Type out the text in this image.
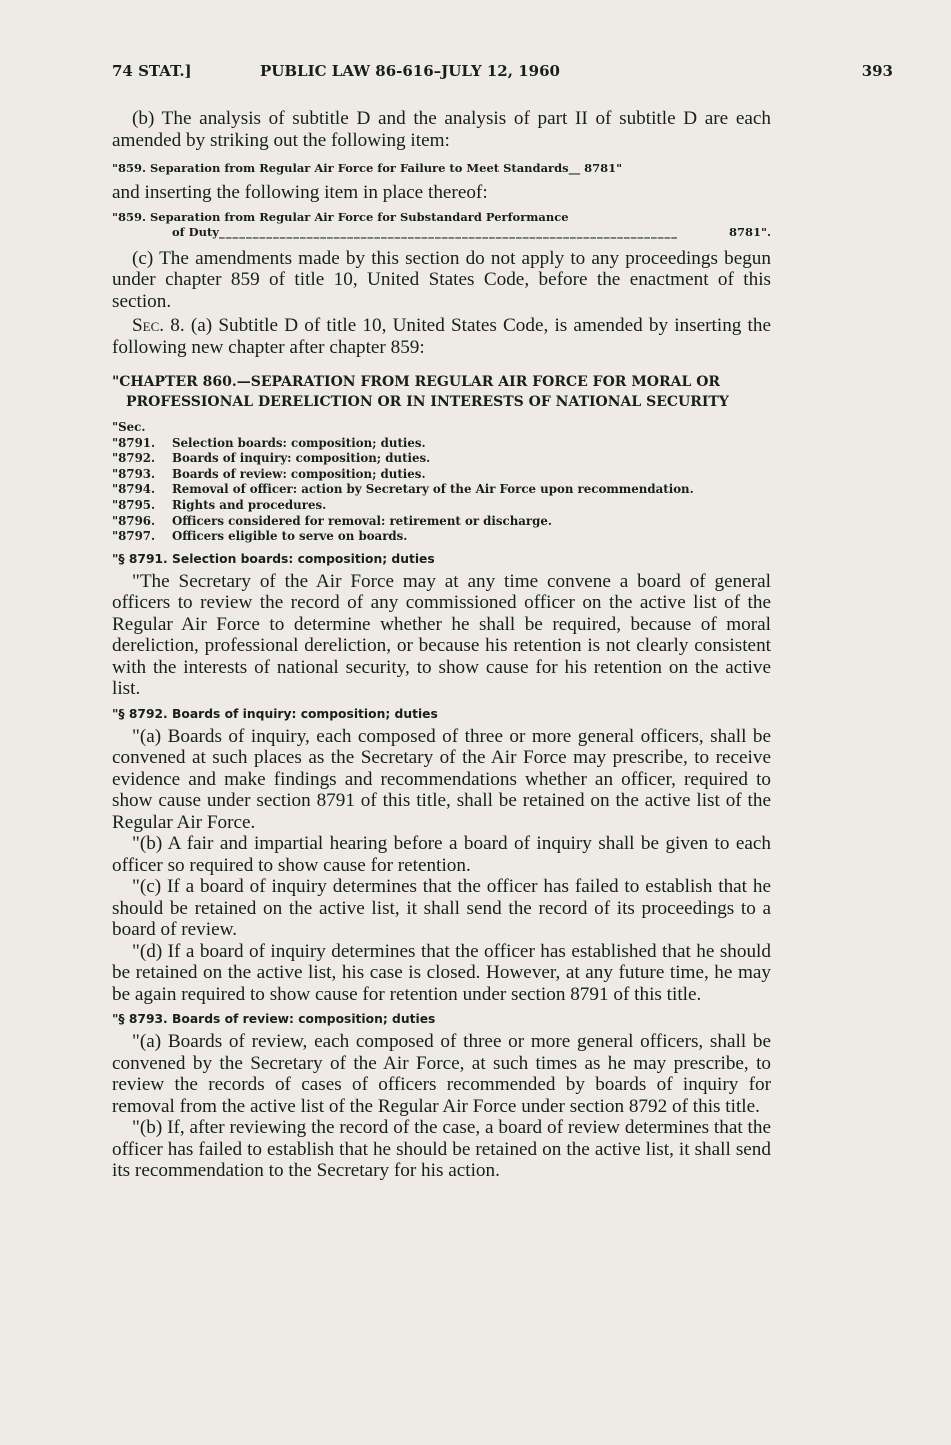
74 STAT.]	PUBLIC LAW 86-616–JULY 12, 1960	393

(b) The analysis of subtitle D and the analysis of part II of subtitle D are each amended by striking out the following item:

"859. Separation from Regular Air Force for Failure to Meet Standards__ 8781"

and inserting the following item in place thereof:

"859. Separation from Regular Air Force for Substandard Performance
of Duty ____________________________________________________________________	8781".

(c) The amendments made by this section do not apply to any proceedings begun under chapter 859 of title 10, United States Code, before the enactment of this section.

Sec. 8. (a) Subtitle D of title 10, United States Code, is amended by inserting the following new chapter after chapter 859:

"CHAPTER 860.—SEPARATION FROM REGULAR AIR FORCE FOR MORAL OR PROFESSIONAL DERELICTION OR IN INTERESTS OF NATIONAL SECURITY
"Sec.
"8791.	Selection boards: composition; duties.
"8792.	Boards of inquiry: composition; duties.
"8793.	Boards of review: composition; duties.
"8794.	Removal of officer: action by Secretary of the Air Force upon recommendation.
"8795.	Rights and procedures.
"8796.	Officers considered for removal: retirement or discharge.
"8797.	Officers eligible to serve on boards.
"§ 8791. Selection boards: composition; duties

"The Secretary of the Air Force may at any time convene a board of general officers to review the record of any commissioned officer on the active list of the Regular Air Force to determine whether he shall be required, because of moral dereliction, professional dereliction, or because his retention is not clearly consistent with the interests of national security, to show cause for his retention on the active list.

"§ 8792. Boards of inquiry: composition; duties

"(a) Boards of inquiry, each composed of three or more general officers, shall be convened at such places as the Secretary of the Air Force may prescribe, to receive evidence and make findings and recommendations whether an officer, required to show cause under section 8791 of this title, shall be retained on the active list of the Regular Air Force.

"(b) A fair and impartial hearing before a board of inquiry shall be given to each officer so required to show cause for retention.

"(c) If a board of inquiry determines that the officer has failed to establish that he should be retained on the active list, it shall send the record of its proceedings to a board of review.

"(d) If a board of inquiry determines that the officer has established that he should be retained on the active list, his case is closed. However, at any future time, he may be again required to show cause for retention under section 8791 of this title.

"§ 8793. Boards of review: composition; duties

"(a) Boards of review, each composed of three or more general officers, shall be convened by the Secretary of the Air Force, at such times as he may prescribe, to review the records of cases of officers recommended by boards of inquiry for removal from the active list of the Regular Air Force under section 8792 of this title.

"(b) If, after reviewing the record of the case, a board of review determines that the officer has failed to establish that he should be retained on the active list, it shall send its recommendation to the Secretary for his action.
